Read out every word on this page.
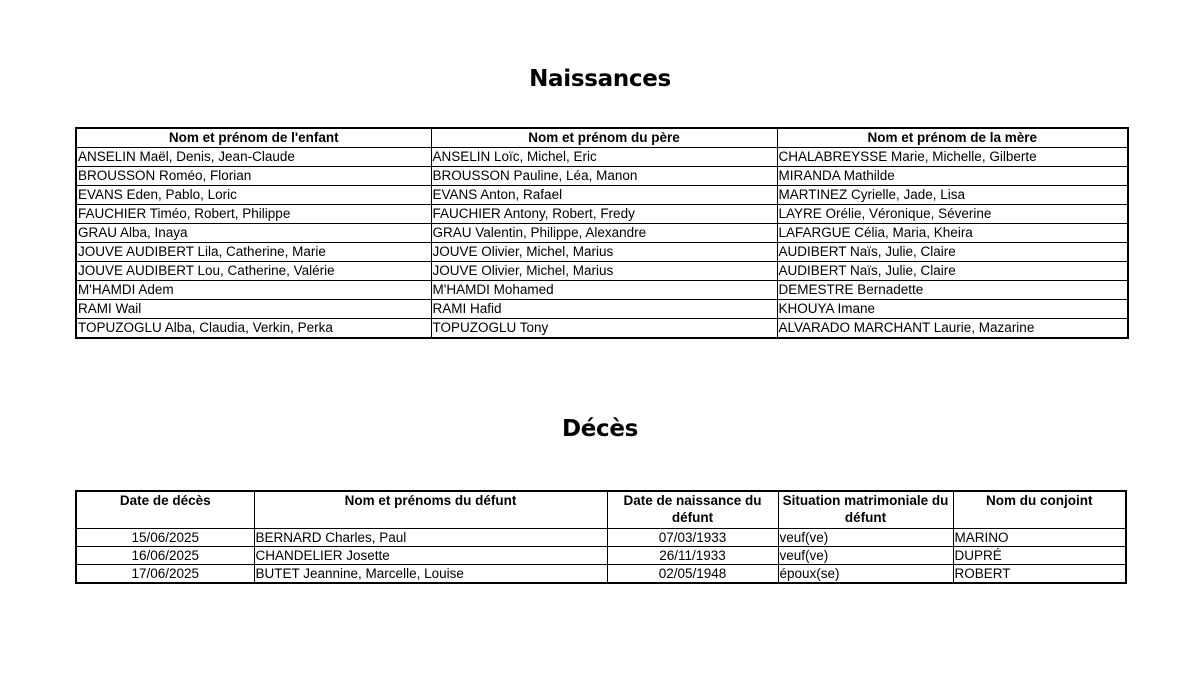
Naissances
Nom et prénom de l'enfant	Nom et prénom du père	Nom et prénom de la mère
ANSELIN Maël, Denis, Jean-Claude	ANSELIN Loïc, Michel, Eric	CHALABREYSSE Marie, Michelle, Gilberte
BROUSSON Roméo, Florian	BROUSSON Pauline, Léa, Manon	MIRANDA Mathilde
EVANS Eden, Pablo, Loric	EVANS Anton, Rafael	MARTINEZ Cyrielle, Jade, Lisa
FAUCHIER Timéo, Robert, Philippe	FAUCHIER Antony, Robert, Fredy	LAYRE Orélie, Véronique, Séverine
GRAU Alba, Inaya	GRAU Valentin, Philippe, Alexandre	LAFARGUE Célia, Maria, Kheira
JOUVE AUDIBERT Lila, Catherine, Marie	JOUVE Olivier, Michel, Marius	AUDIBERT Naïs, Julie, Claire
JOUVE AUDIBERT Lou, Catherine, Valérie	JOUVE Olivier, Michel, Marius	AUDIBERT Naïs, Julie, Claire
M'HAMDI Adem	M'HAMDI Mohamed	DEMESTRE Bernadette
RAMI Wail	RAMI Hafid	KHOUYA Imane
TOPUZOGLU Alba, Claudia, Verkin, Perka	TOPUZOGLU Tony	ALVARADO MARCHANT Laurie, Mazarine
Décès
Date de décès	Nom et prénoms du défunt	Date de naissance du défunt	Situation matrimoniale du défunt	Nom du conjoint
15/06/2025	BERNARD Charles, Paul	07/03/1933	veuf(ve)	MARINO
16/06/2025	CHANDELIER Josette	26/11/1933	veuf(ve)	DUPRÉ
17/06/2025	BUTET Jeannine, Marcelle, Louise	02/05/1948	époux(se)	ROBERT
